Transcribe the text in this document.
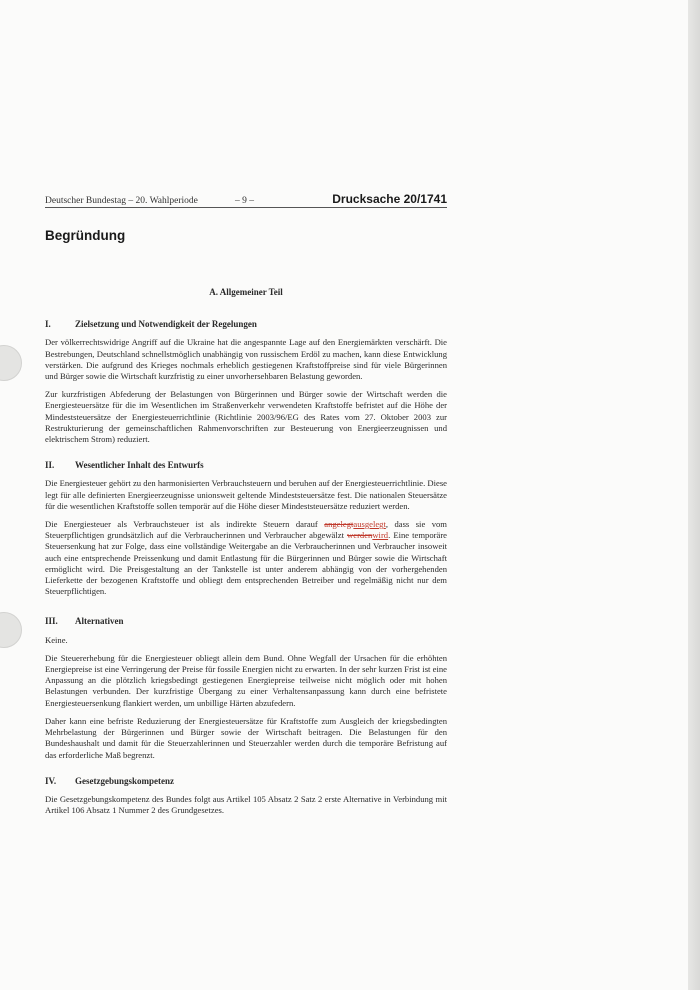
Deutscher Bundestag – 20. Wahlperiode	– 9 –	Drucksache 20/1741
Begründung
A. Allgemeiner Teil
I.	Zielsetzung und Notwendigkeit der Regelungen

Der völkerrechtswidrige Angriff auf die Ukraine hat die angespannte Lage auf den Energiemärkten verschärft. Die Bestrebungen, Deutschland schnellstmöglich unabhängig von russischem Erdöl zu machen, kann diese Entwicklung verstärken. Die aufgrund des Krieges nochmals erheblich gestiegenen Kraftstoffpreise sind für viele Bürgerinnen und Bürger sowie die Wirtschaft kurzfristig zu einer unvorhersehbaren Belastung geworden.

Zur kurzfristigen Abfederung der Belastungen von Bürgerinnen und Bürger sowie der Wirtschaft werden die Energiesteuersätze für die im Wesentlichen im Straßenverkehr verwendeten Kraftstoffe befristet auf die Höhe der Mindeststeuersätze der Energiesteuerrichtlinie (Richtlinie 2003/96/EG des Rates vom 27. Oktober 2003 zur Restrukturierung der gemeinschaftlichen Rahmenvorschriften zur Besteuerung von Energieerzeugnissen und elektrischem Strom) reduziert.

II.	Wesentlicher Inhalt des Entwurfs

Die Energiesteuer gehört zu den harmonisierten Verbrauchsteuern und beruhen auf der Energiesteuerrichtlinie. Diese legt für alle definierten Energieerzeugnisse unionsweit geltende Mindeststeuersätze fest. Die nationalen Steuersätze für die wesentlichen Kraftstoffe sollen temporär auf die Höhe dieser Mindeststeuersätze reduziert werden.

Die Energiesteuer als Verbrauchsteuer ist als indirekte Steuern darauf angelegtausgelegt, dass sie vom Steuerpflichtigen grundsätzlich auf die Verbraucherinnen und Verbraucher abgewälzt werdenwird. Eine temporäre Steuersenkung hat zur Folge, dass eine vollständige Weitergabe an die Verbraucherinnen und Verbraucher insoweit auch eine entsprechende Preissenkung und damit Entlastung für die Bürgerinnen und Bürger sowie die Wirtschaft ermöglicht wird. Die Preisgestaltung an der Tankstelle ist unter anderem abhängig von der vorhergehenden Lieferkette der bezogenen Kraftstoffe und obliegt dem entsprechenden Betreiber und regelmäßig nicht nur dem Steuerpflichtigen.

III.	Alternativen

Keine.

Die Steuererhebung für die Energiesteuer obliegt allein dem Bund. Ohne Wegfall der Ursachen für die erhöhten Energiepreise ist eine Verringerung der Preise für fossile Energien nicht zu erwarten. In der sehr kurzen Frist ist eine Anpassung an die plötzlich kriegsbedingt gestiegenen Energiepreise teilweise nicht möglich oder mit hohen Belastungen verbunden. Der kurzfristige Übergang zu einer Verhaltensanpassung kann durch eine befristete Energiesteuersenkung flankiert werden, um unbillige Härten abzufedern.

Daher kann eine befriste Reduzierung der Energiesteuersätze für Kraftstoffe zum Ausgleich der kriegsbedingten Mehrbelastung der Bürgerinnen und Bürger sowie der Wirtschaft beitragen. Die Belastungen für den Bundeshaushalt und damit für die Steuerzahlerinnen und Steuerzahler werden durch die temporäre Befristung auf das erforderliche Maß begrenzt.

IV.	Gesetzgebungskompetenz

Die Gesetzgebungskompetenz des Bundes folgt aus Artikel 105 Absatz 2 Satz 2 erste Alternative in Verbindung mit Artikel 106 Absatz 1 Nummer 2 des Grundgesetzes.
